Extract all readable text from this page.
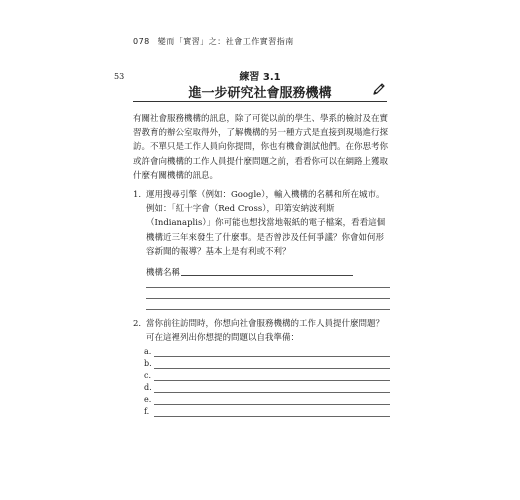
078 變而「實習」之：社會工作實習指南
53	練習 3.1
進一步研究社會服務機構

有關社會服務機構的訊息，除了可從以前的學生、學系的檢討及在實習教育的辦公室取得外，了解機構的另一種方式是直接到現場進行探訪。不單只是工作人員向你提問，你也有機會測試他們。在你思考你或許會向機構的工作人員提什麼問題之前，看看你可以在網路上獲取什麼有關機構的訊息。

1. 運用搜尋引擎（例如：Google），輸入機構的名稱和所在城市。例如：「紅十字會（Red Cross），印第安納波利斯（Indianaplis）」你可能也想找當地報紙的電子檔案，看看這個機構近三年來發生了什麼事。是否曾涉及任何爭議？你會如何形容新聞的報導？基本上是有利或不利？

機構名稱
2. 當你前往訪問時，你想向社會服務機構的工作人員提什麼問題？可在這裡列出你想提的問題以自我準備：

a.
b.
c.
d.
e.
f.
